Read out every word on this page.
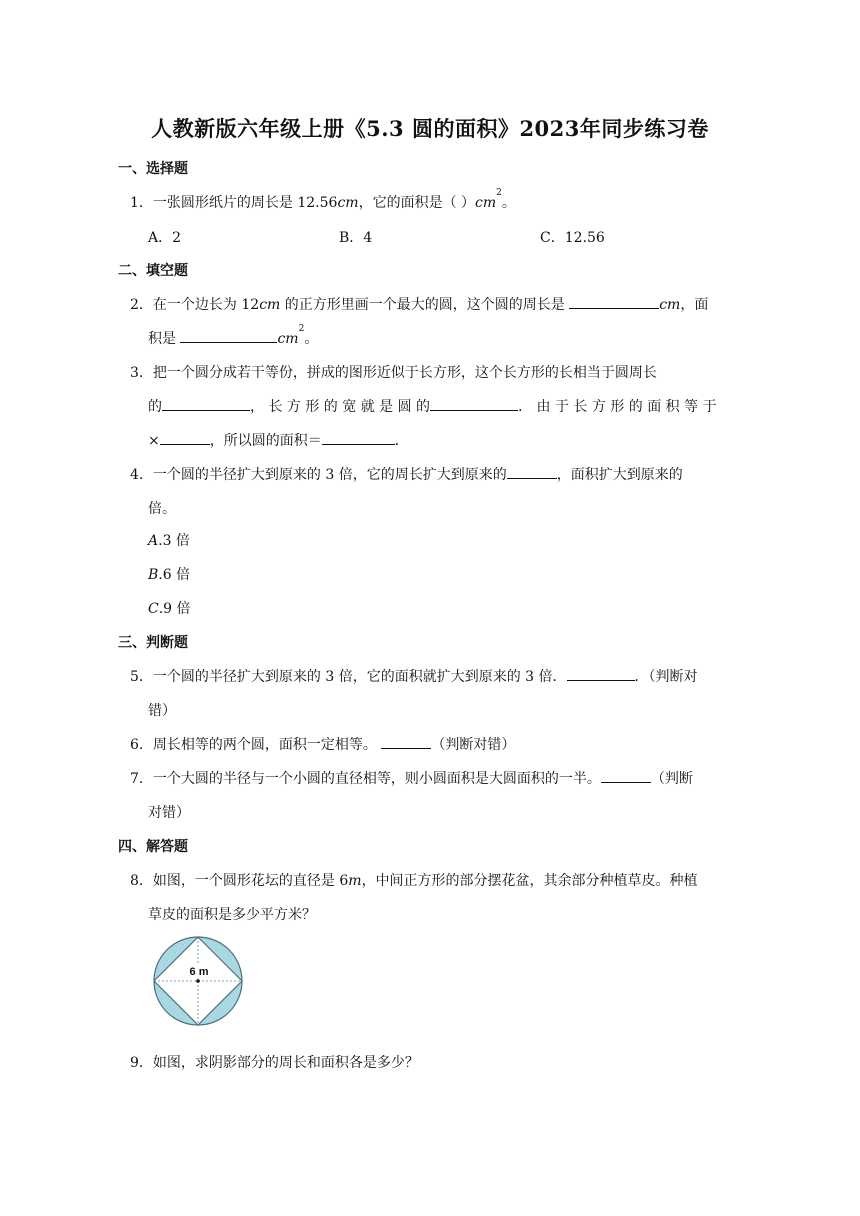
人教新版六年级上册《5.3 圆的面积》2023年同步练习卷
一、选择题
1．一张圆形纸片的周长是 12.56cm，它的面积是（ ）$cm^2$。
A．2	B．4	C．12.56
二、填空题
2．在一个边长为 12cm 的正方形里画一个最大的圆，这个圆的周长是	cm，面
积是	$cm^2$。
3．把一个圆分成若干等份，拼成的图形近似于长方形，这个长方形的长相当于圆周长
的	， 长 方 形 的 宽 就 是 圆 的	． 由 于 长 方 形 的 面 积 等 于
×	，所以圆的面积＝	．
4．一个圆的半径扩大到原来的 3 倍，它的周长扩大到原来的	，面积扩大到原来的
倍。
A.3 倍
B.6 倍
C.9 倍
三、判断题
5．一个圆的半径扩大到原来的 3 倍，它的面积就扩大到原来的 3 倍．	．（判断对
错）
6．周长相等的两个圆，面积一定相等。	（判断对错）
7．一个大圆的半径与一个小圆的直径相等，则小圆面积是大圆面积的一半。	（判断
对错）
四、解答题
8．如图，一个圆形花坛的直径是 6m，中间正方形的部分摆花盆，其余部分种植草皮。种植
草皮的面积是多少平方米？
6 m
9．如图，求阴影部分的周长和面积各是多少？
